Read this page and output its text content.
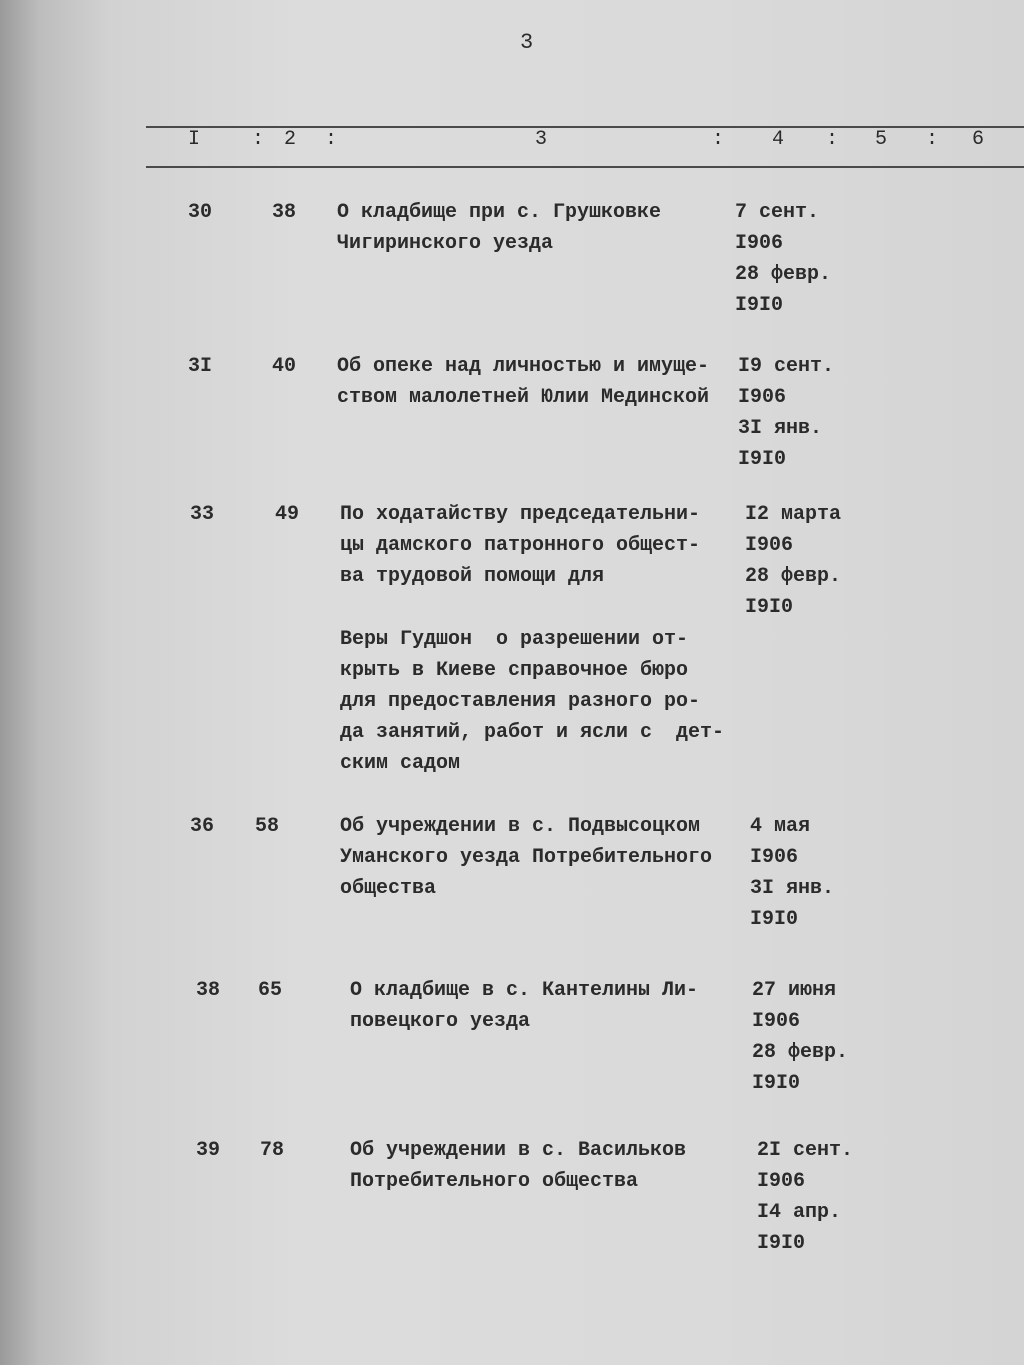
3
I	: 2 :	3	: 4 : 5 : 6
30	38 О кладбище при с. Грушковке
Чигиринского уезда
7 сент.
I906
28 февр.
I9I0
3I	40 Об опеке над личностью и имуще-
ством малолетней Юлии Мединской
I9 сент.
I906
3I янв.
I9I0
33	49 По ходатайству председательни-
цы дамского патронного общест-
ва трудовой помощи для
Веры Гудшон  о разрешении от-
крыть в Киеве справочное бюро
для предоставления разного ро-
да занятий, работ и ясли с  дет-
ским садом
I2 марта
I906
28 февр.
I9I0
36 58	Об учреждении в с. Подвысоцком
Уманского уезда Потребительного
общества
4 мая
I906
3I янв.
I9I0
38 65	О кладбище в с. Кантелины Ли-
повецкого уезда
27 июня
I906
28 февр.
I9I0
39 78	Об учреждении в с. Васильков
Потребительного общества
2I сент.
I906
I4 апр.
I9I0
